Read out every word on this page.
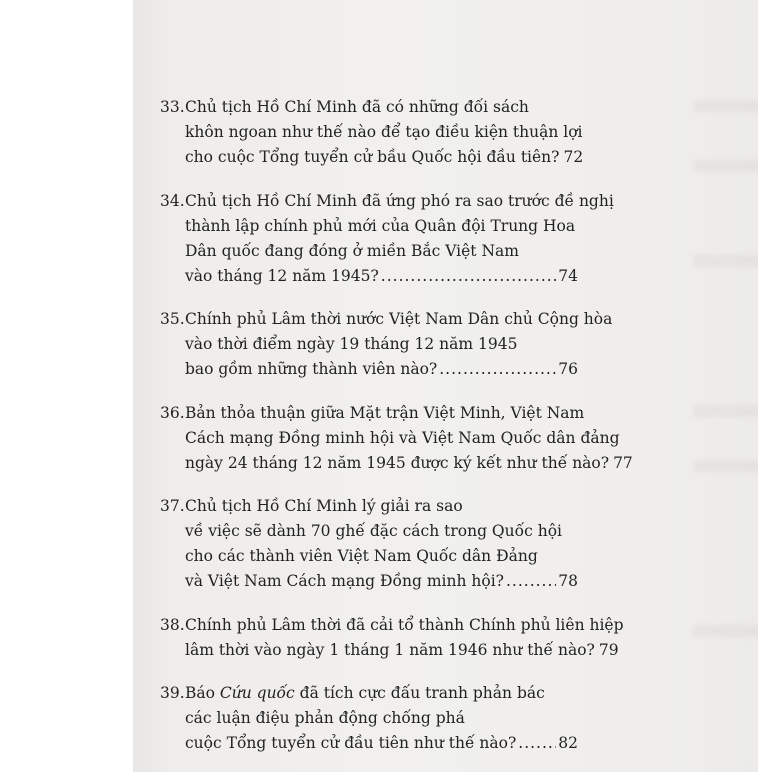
33.Chủ tịch Hồ Chí Minh đã có những đối sách
khôn ngoan như thế nào để tạo điều kiện thuận lợi
cho cuộc Tổng tuyển cử bầu Quốc hội đầu tiên? 72
34.Chủ tịch Hồ Chí Minh đã ứng phó ra sao trước đề nghị
thành lập chính phủ mới của Quân đội Trung Hoa
Dân quốc đang đóng ở miền Bắc Việt Nam
vào tháng 12 năm 1945? .....	74
35.Chính phủ Lâm thời nước Việt Nam Dân chủ Cộng hòa
vào thời điểm ngày 19 tháng 12 năm 1945
bao gồm những thành viên nào? .....	76
36.Bản thỏa thuận giữa Mặt trận Việt Minh, Việt Nam
Cách mạng Đồng minh hội và Việt Nam Quốc dân đảng
ngày 24 tháng 12 năm 1945 được ký kết như thế nào? 77
37.Chủ tịch Hồ Chí Minh lý giải ra sao
về việc sẽ dành 70 ghế đặc cách trong Quốc hội
cho các thành viên Việt Nam Quốc dân Đảng
và Việt Nam Cách mạng Đồng minh hội? .....	78
38.Chính phủ Lâm thời đã cải tổ thành Chính phủ liên hiệp
lâm thời vào ngày 1 tháng 1 năm 1946 như thế nào? 79
39.Báo Cứu quốc đã tích cực đấu tranh phản bác
các luận điệu phản động chống phá
cuộc Tổng tuyển cử đầu tiên như thế nào? .....	82
